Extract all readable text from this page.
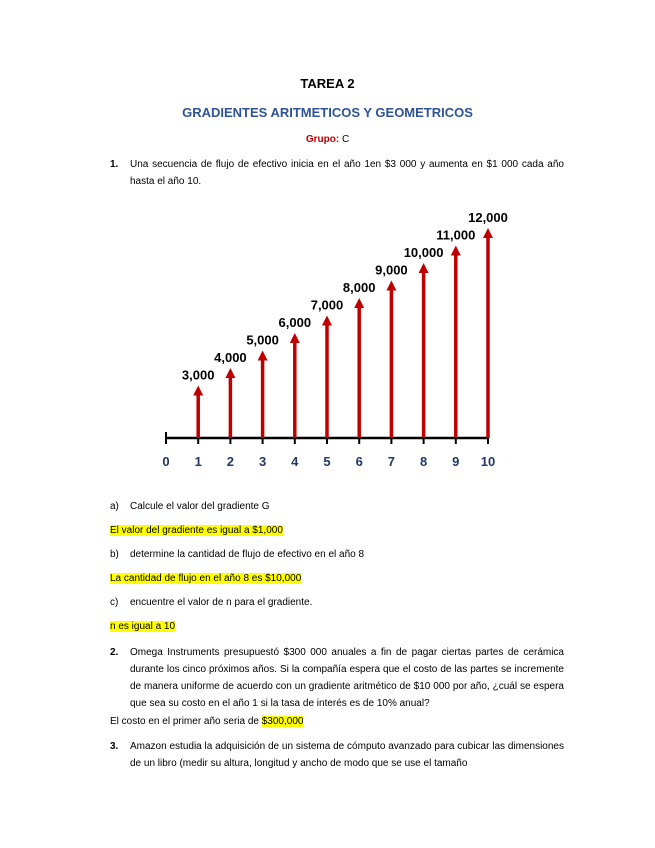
TAREA 2
GRADIENTES ARITMETICOS Y GEOMETRICOS
Grupo: C
1. Una secuencia de flujo de efectivo inicia en el año 1en $3 000 y aumenta en $1 000 cada año hasta el año 10.
0 1
3,000
2
4,000
3
5,000
4
6,000
5
7,000
6
8,000
7
9,000
8
10,000
9
11,000
10
12,000
a) Calcule el valor del gradiente G
El valor del gradiente es igual a $1,000
b) determine la cantidad de flujo de efectivo en el año 8
La cantidad de flujo en el año 8 es $10,000
c) encuentre el valor de n para el gradiente.
n es igual a 10
2. Omega Instruments presupuestó $300 000 anuales a fin de pagar ciertas partes de cerámica durante los cinco próximos años. Si la compañía espera que el costo de las partes se incremente de manera uniforme de acuerdo con un gradiente aritmético de $10 000 por año, ¿cuál se espera que sea su costo en el año 1 si la tasa de interés es de 10% anual?
El costo en el primer año seria de $300,000
3. Amazon estudia la adquisición de un sistema de cómputo avanzado para cubicar las dimensiones de un libro (medir su altura, longitud y ancho de modo que se use el tamaño
